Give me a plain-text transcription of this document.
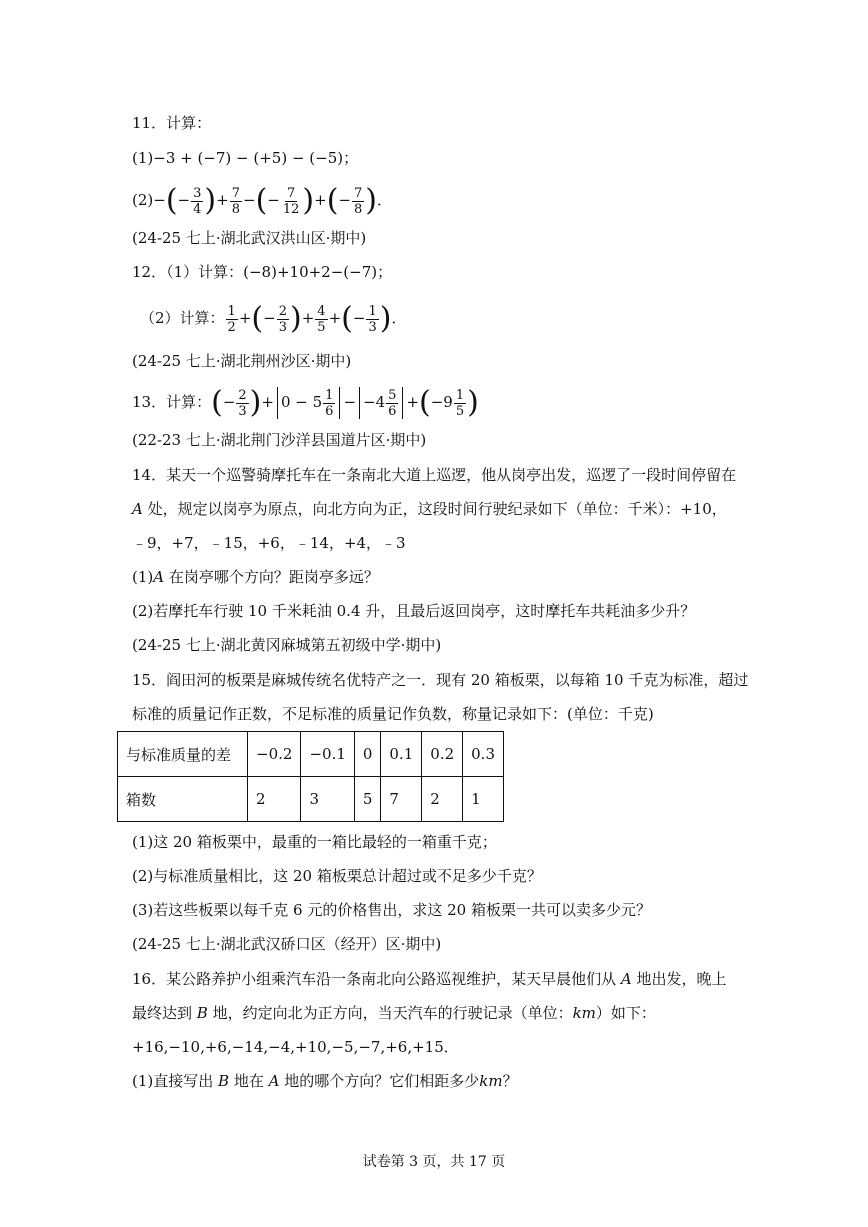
11．计算：
(1)−3 + (−7) − (+5) − (−5)；
$(2)-(- \frac{3}{4}$ )+ $\frac{7}{8}$ −(− $\frac{7}{12}$ )+(− $\frac{7}{8}$ )．
(24-25 七上·湖北武汉洪山区·期中)
12．（1）计算：(−8)+10+2−(−7)；
（2）计算： $\frac{1}{2}$ +(− $\frac{2}{3}$ )+ $\frac{4}{5}$ +(− $\frac{1}{3}$ )．
(24-25 七上·湖北荆州沙区·期中)
13．计算：(− $\frac{2}{3}$ )+ $0 - 5 \frac{1}{6} - -4 \frac{5}{6} +(-9 \frac{1}{5}$ )
(22-23 七上·湖北荆门沙洋县国道片区·期中)
14．某天一个巡警骑摩托车在一条南北大道上巡逻，他从岗亭出发，巡逻了一段时间停留在
A 处，规定以岗亭为原点，向北方向为正，这段时间行驶纪录如下（单位：千米）：+10，
﹣9，+7，﹣15，+6，﹣14，+4，﹣3
(1)A 在岗亭哪个方向？距岗亭多远？
(2)若摩托车行驶 10 千米耗油 0.4 升，且最后返回岗亭，这时摩托车共耗油多少升？
(24-25 七上·湖北黄冈麻城第五初级中学·期中)
15．阎田河的板栗是麻城传统名优特产之一．现有 20 箱板栗，以每箱 10 千克为标准，超过
标准的质量记作正数，不足标准的质量记作负数，称量记录如下：(单位：千克)
与标准质量的差	−0.2	−0.1	0	0.1	0.2	0.3
箱数	2	3	5	7	2	1
(1)这 20 箱板栗中，最重的一箱比最轻的一箱重千克；
(2)与标准质量相比，这 20 箱板栗总计超过或不足多少千克？
(3)若这些板栗以每千克 6 元的价格售出，求这 20 箱板栗一共可以卖多少元？
(24-25 七上·湖北武汉硚口区（经开）区·期中)
16．某公路养护小组乘汽车沿一条南北向公路巡视维护，某天早晨他们从 A 地出发，晚上
最终达到 B 地，约定向北为正方向，当天汽车的行驶记录（单位：km）如下：
+16,−10,+6,−14,−4,+10,−5,−7,+6,+15．
(1)直接写出 B 地在 A 地的哪个方向？它们相距多少km？
试卷第 3 页，共 17 页
